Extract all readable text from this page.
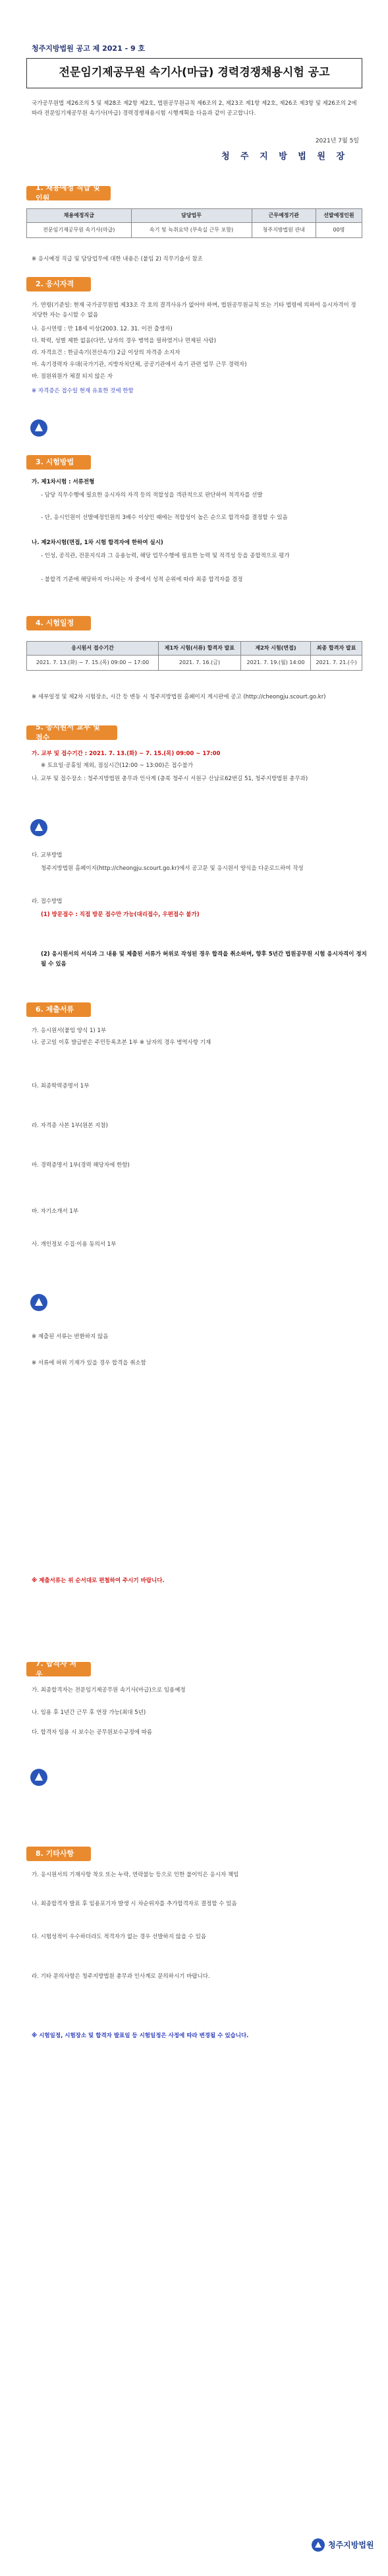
청주지방법원 공고 제 2021 - 9 호
전문임기제공무원 속기사(마급) 경력경쟁채용시험 공고
국가공무원법 제26조의 5 및 제28조 제2항 제2호, 법원공무원규칙 제6조의 2, 제23조 제1항 제2호, 제26조 제3항 및 제26조의 2에 따라 전문임기제공무원 속기사(마급) 경력경쟁채용시험 시행계획을 다음과 같이 공고합니다.
2021년 7월 5일
청 주 지 방 법 원 장
1. 채용예정 직급 및 인원
채용예정직급	담당업무	근무예정기관	선발예정인원
전문임기제공무원 속기사(마급)	속기 및 녹취요약 (부속실 근무 포함)	청주지방법원 관내	00명
※ 응시예정 직급 및 담당업무에 대한 내용은 (붙임 2) 직무기술서 참조
2. 응시자격
가. 연령(기준일: 현재 국가공무원법 제33조 각 호의 결격사유가 없어야 하며, 법원공무원규칙 또는 기타 법령에 의하여 응시자격이 정지당한 자는 응시할 수 없음
나. 응시연령 : 만 18세 이상(2003. 12. 31. 이전 출생자)
다. 학력, 성별 제한 없음(다만, 남자의 경우 병역을 필하였거나 면제된 사람)
라. 자격요건 : 한글속기(전산속기) 2급 이상의 자격증 소지자
마. 속기경력자 우대(국가기관, 지방자치단체, 공공기관에서 속기 관련 업무 근무 경력자)
바. 점원위원가 체결 되지 않은 자
※ 자격증은 접수일 현재 유효한 것에 한함
3. 시험방법
가. 제1차시험 : 서류전형
- 담당 직무수행에 필요한 응시자의 자격 등의 적합성을 객관적으로 판단하여 적격자를 선발
- 단, 응시인원이 선발예정인원의 3배수 이상인 때에는 적합성이 높은 순으로 합격자를 결정할 수 있음
나. 제2차시험(면접, 1차 시험 합격자에 한하여 실시)
- 인성, 공직관, 전문지식과 그 응용능력, 해당 업무수행에 필요한 능력 및 적격성 등을 종합적으로 평가
- 불합격 기준에 해당하지 아니하는 자 중에서 성적 순위에 따라 최종 합격자를 결정
4. 시험일정
응시원서 접수기간	제1차 시험(서류) 합격자 발표	제2차 시험(면접)	최종 합격자 발표
2021. 7. 13.(화) ~ 7. 15.(목) 09:00 ~ 17:00	2021. 7. 16.(금)	2021. 7. 19.(월) 14:00	2021. 7. 21.(수)
※ 세부일정 및 제2차 시험장소, 시간 등 변동 시 청주지방법원 홈페이지 게시판에 공고 (http://cheongju.scourt.go.kr)
5. 응시원서 교부 및 접수
가. 교부 및 접수기간 : 2021. 7. 13.(화) ~ 7. 15.(목) 09:00 ~ 17:00
※ 토요일·공휴일 제외, 점심시간(12:00 ~ 13:00)은 접수불가
나. 교부 및 접수장소 : 청주지방법원 총무과 인사계 (충북 청주시 서원구 산남로62번길 51, 청주지방법원 총무과)
다. 교부방법
청주지방법원 홈페이지(http://cheongju.scourt.go.kr)에서 공고문 및 응시원서 양식을 다운로드하여 작성
라. 접수방법
(1) 방문접수 : 직접 방문 접수만 가능(대리접수, 우편접수 불가)
(2) 응시원서의 서식과 그 내용 및 제출된 서류가 허위로 작성된 경우 합격을 취소하며, 향후 5년간 법원공무원 시험 응시자격이 정지될 수 있음
6. 제출서류
가. 응시원서(붙임 양식 1) 1부
나. 공고일 이후 발급받은 주민등록초본 1부 ※ 남자의 경우 병역사항 기재
다. 최종학력증명서 1부
라. 자격증 사본 1부(원본 지참)
마. 경력증명서 1부(경력 해당자에 한함)
바. 자기소개서 1부
사. 개인정보 수집·이용 동의서 1부
※ 제출된 서류는 반환하지 않음
※ 서류에 허위 기재가 있을 경우 합격을 취소함
※ 제출서류는 위 순서대로 편철하여 주시기 바랍니다.
7. 합격자 처우
가. 최종합격자는 전문임기제공무원 속기사(마급)으로 임용예정
나. 임용 후 1년간 근무 후 연장 가능(최대 5년)
다. 합격자 임용 시 보수는 공무원보수규정에 따름
8. 기타사항
가. 응시원서의 기재사항 착오 또는 누락, 연락불능 등으로 인한 불이익은 응시자 책임
나. 최종합격자 발표 후 임용포기자 발생 시 차순위자를 추가합격자로 결정할 수 있음
다. 시험성적이 우수하더라도 적격자가 없는 경우 선발하지 않을 수 있음
라. 기타 문의사항은 청주지방법원 총무과 인사계로 문의하시기 바랍니다.
※ 시험일정, 시험장소 및 합격자 발표일 등 시험일정은 사정에 따라 변경될 수 있습니다.
청주지방법원
